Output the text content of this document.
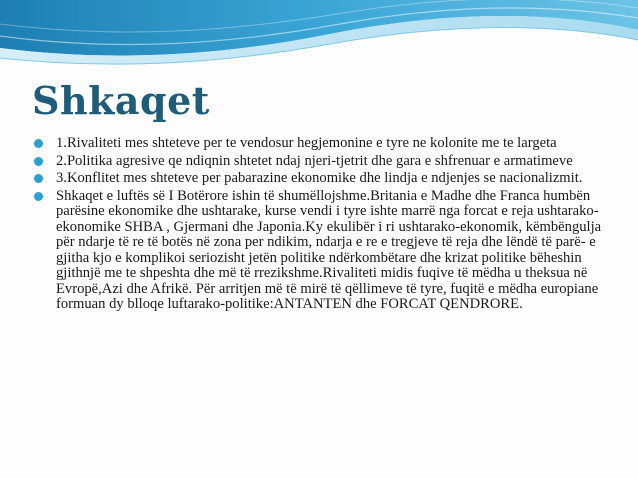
Shkaqet
1.Rivaliteti mes shteteve per te vendosur hegjemonine e tyre ne kolonite me te largeta
2.Politika agresive qe ndiqnin shtetet ndaj njeri-tjetrit dhe gara e shfrenuar e armatimeve
3.Konflitet mes shteteve per pabarazine ekonomike dhe lindja e ndjenjes se nacionalizmit.
Shkaqet e luftës së I Botërore ishin të shumëllojshme.Britania e Madhe dhe Franca humbën parësine ekonomike dhe ushtarake, kurse vendi i tyre ishte marrë nga forcat e reja ushtarako-ekonomike SHBA , Gjermani dhe Japonia.Ky ekulibër i ri ushtarako-ekonomik, këmbëngulja për ndarje të re të botës në zona per ndikim, ndarja e re e tregjeve të reja dhe lëndë të parë- e gjitha kjo e komplikoi seriozisht jetën politike ndërkombëtare dhe krizat politike bëheshin gjithnjë me te shpeshta dhe më të rrezikshme.Rivaliteti midis fuqive të mëdha u theksua në Evropë,Azi dhe Afrikë. Për arritjen më të mirë të qëllimeve të tyre, fuqitë e mëdha europiane formuan dy blloqe luftarako-politike:ANTANTEN dhe FORCAT QENDRORE.
